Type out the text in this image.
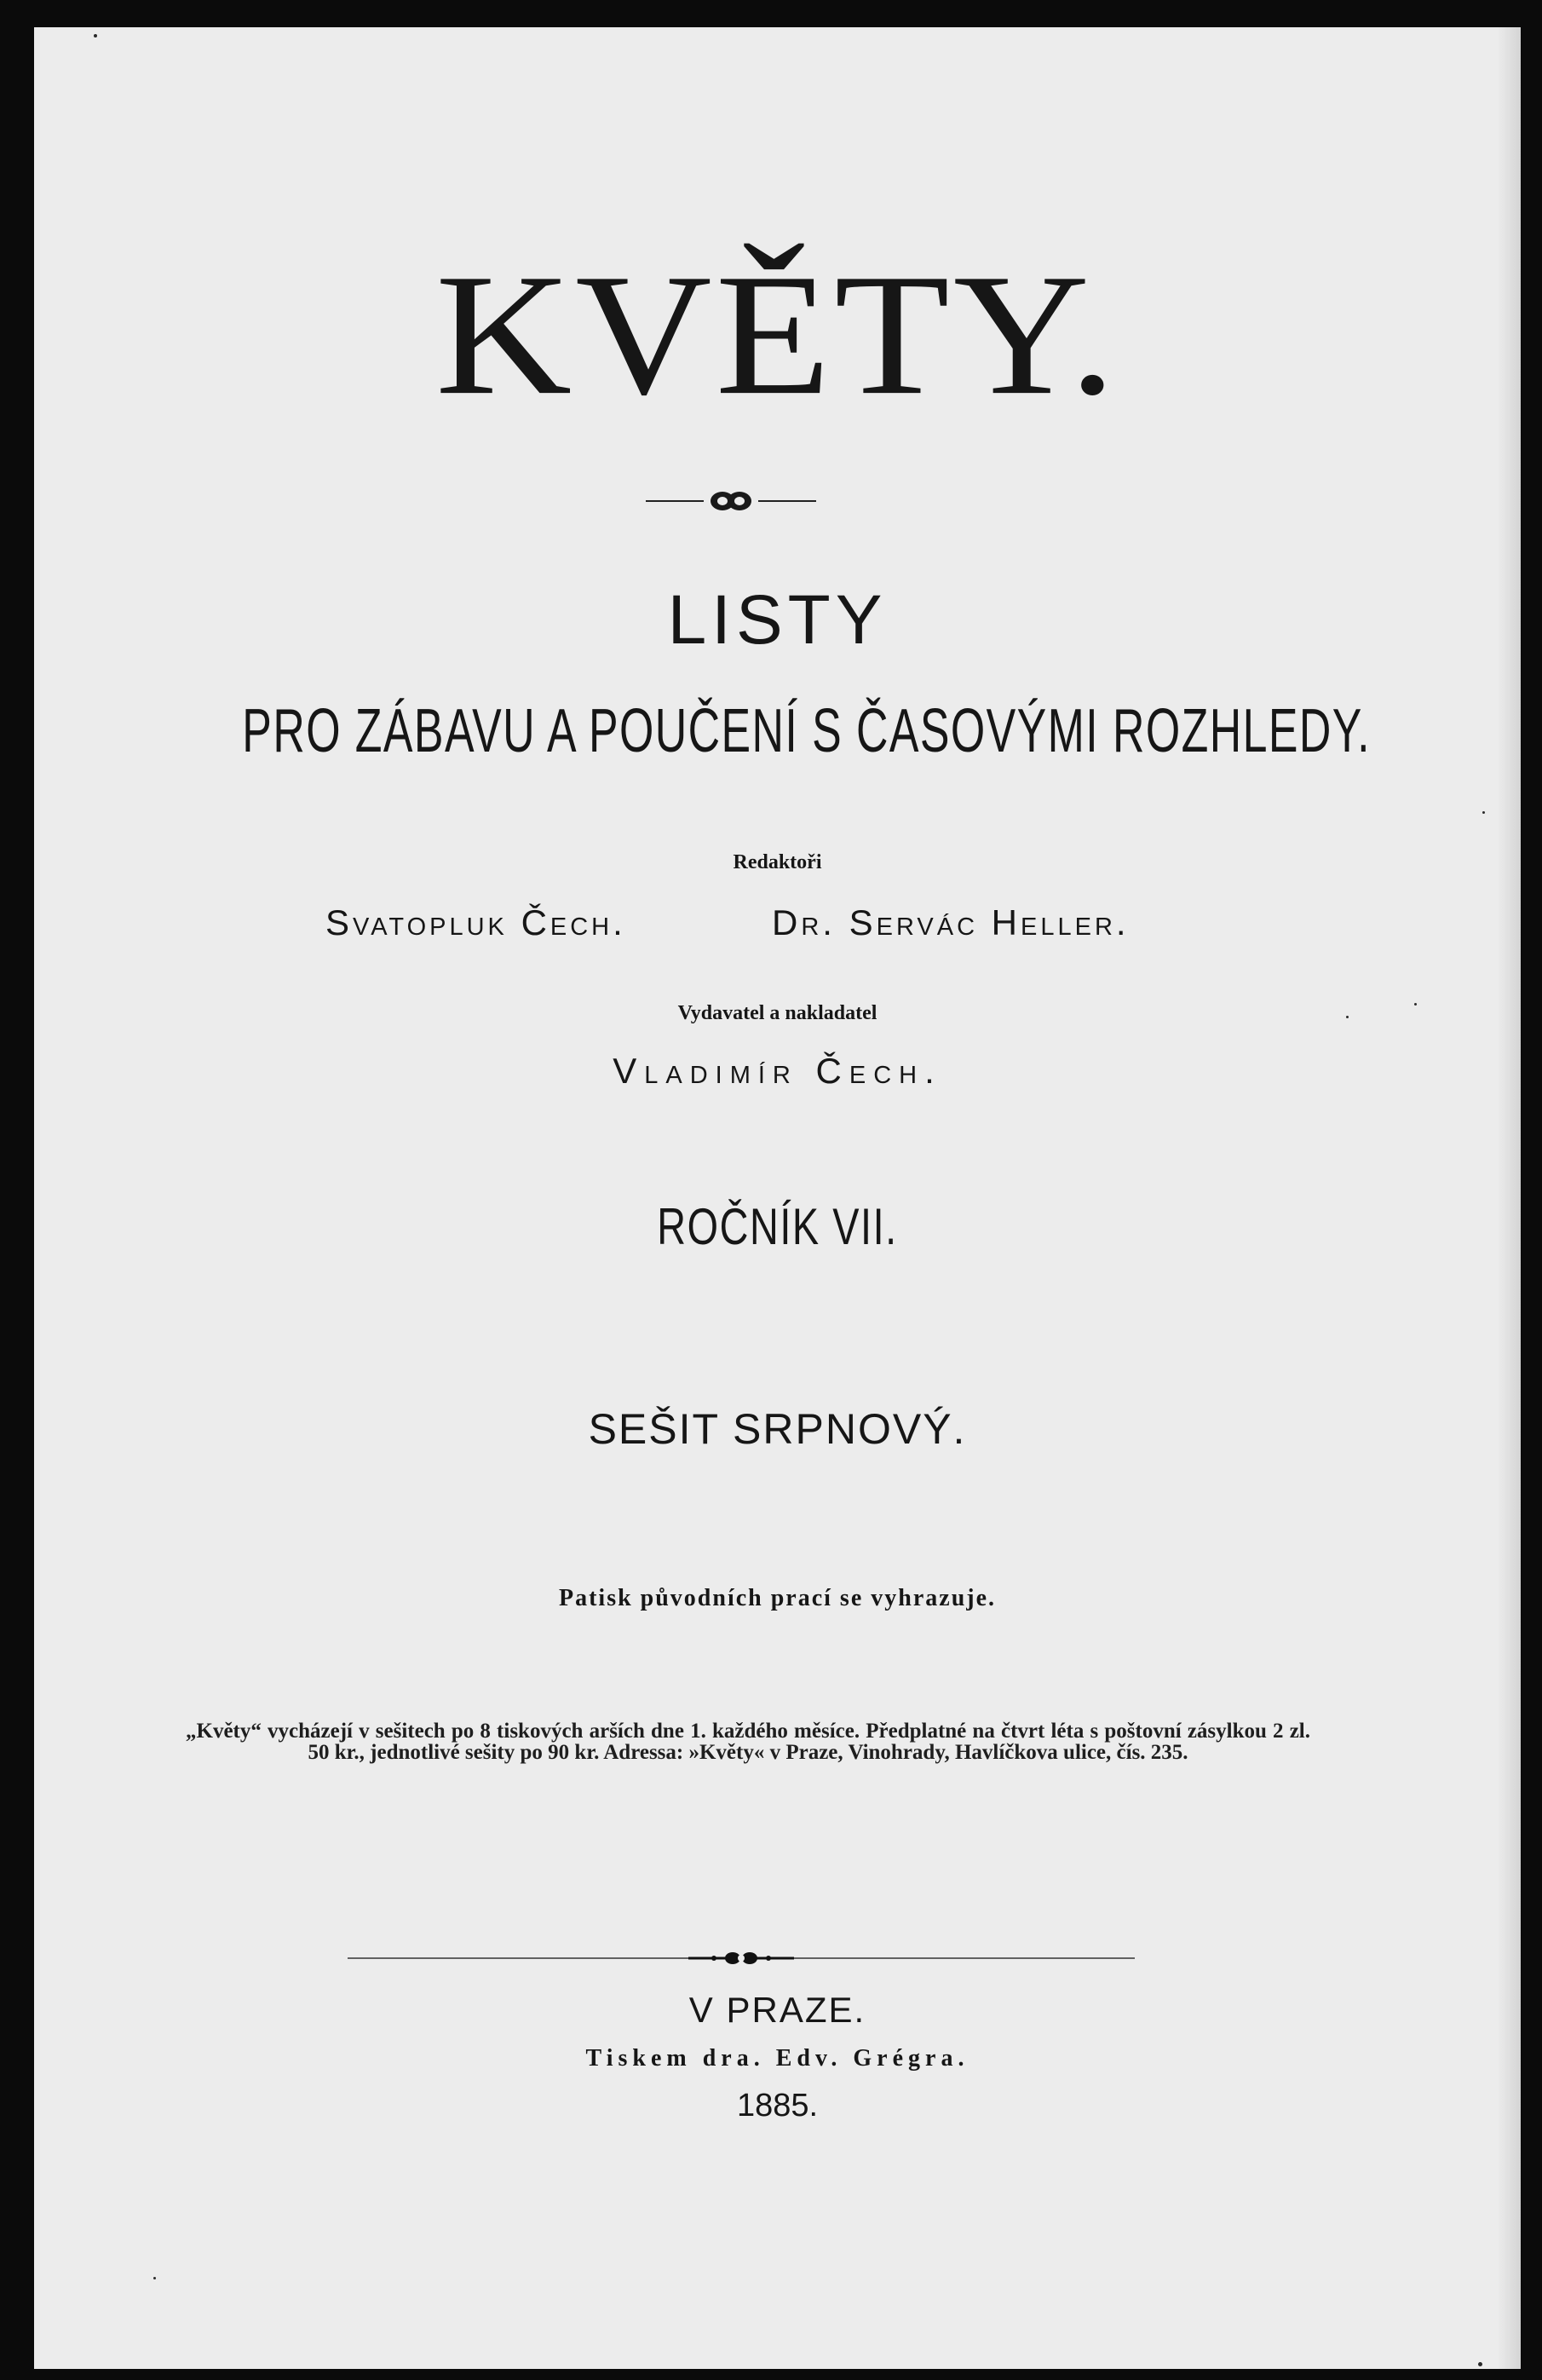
KVĚTY.
LISTY
PRO ZÁBAVU A POUČENÍ S ČASOVÝMI ROZHLEDY.
Redaktoři
Svatopluk Čech.	Dr. Servác Heller.
Vydavatel a nakladatel
Vladimír Čech.
ROČNÍK VII.
SEŠIT SRPNOVÝ.
Patisk původních prací se vyhrazuje.
„Květy“ vycházejí v sešitech po 8 tiskových arších dne 1. každého měsíce. Předplatné na čtvrt léta s poštovní zásylkou 2 zl. 50 kr., jednotlivé sešity po 90 kr. Adressa: »Květy« v Praze, Vinohrady, Havlíčkova ulice, čís. 235.
V PRAZE.
Tiskem dra. Edv. Grégra.
1885.
